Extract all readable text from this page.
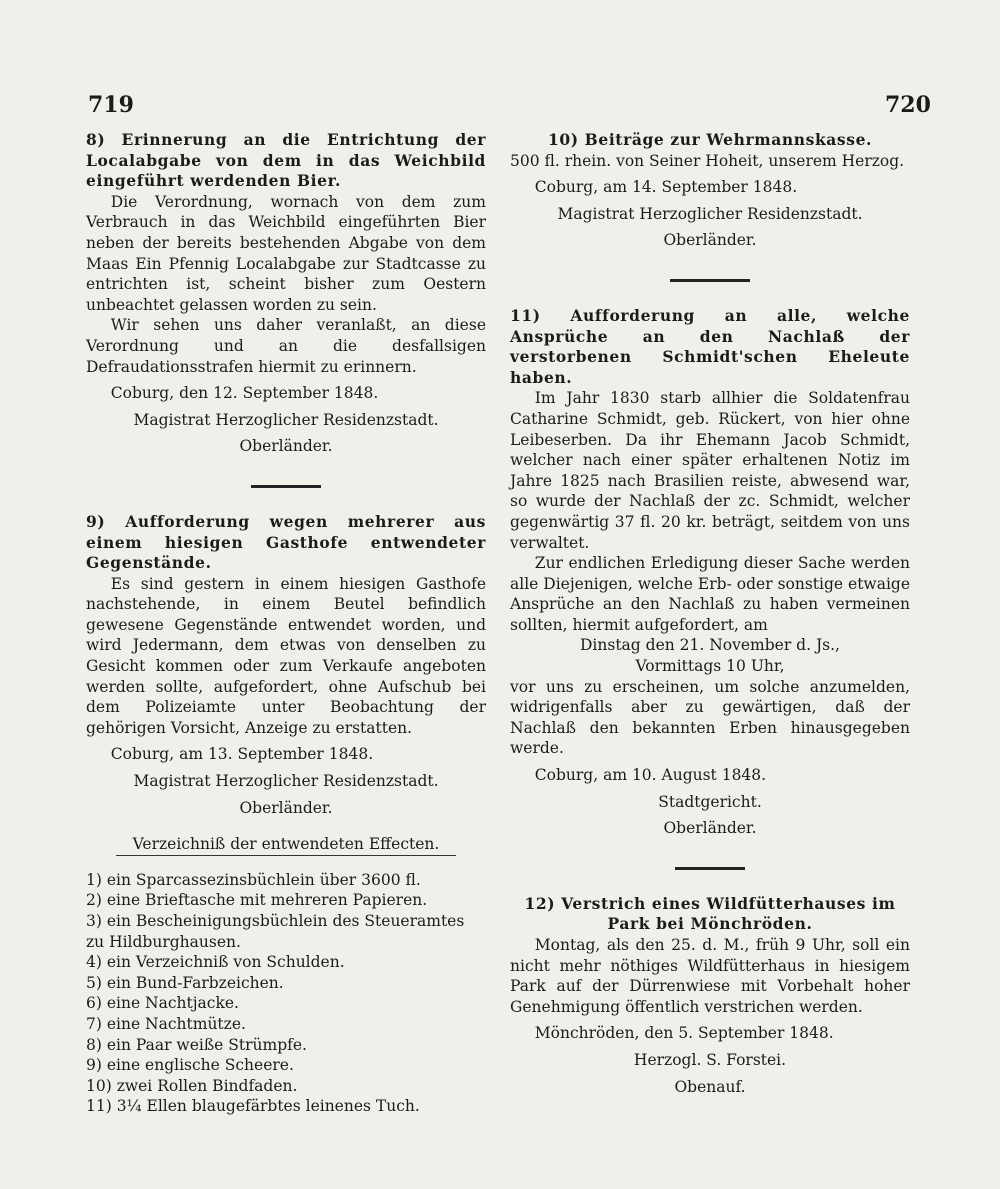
719	720

8) Erinnerung an die Entrichtung der Localabgabe von dem in das Weichbild eingeführt werdenden Bier.

Die Verordnung, wornach von dem zum Verbrauch in das Weichbild eingeführten Bier neben der bereits bestehenden Abgabe von dem Maas Ein Pfennig Localabgabe zur Stadtcasse zu entrichten ist, scheint bisher zum Oestern unbeachtet gelassen worden zu sein.

Wir sehen uns daher veranlaßt, an diese Verordnung und an die desfallsigen Defraudationsstrafen hiermit zu erinnern.

Coburg, den 12. September 1848.

Magistrat Herzoglicher Residenzstadt.

Oberländer.

9) Aufforderung wegen mehrerer aus einem hiesigen Gasthofe entwendeter Gegenstände.

Es sind gestern in einem hiesigen Gasthofe nachstehende, in einem Beutel befindlich gewesene Gegenstände entwendet worden, und wird Jedermann, dem etwas von denselben zu Gesicht kommen oder zum Verkaufe angeboten werden sollte, aufgefordert, ohne Aufschub bei dem Polizeiamte unter Beobachtung der gehörigen Vorsicht, Anzeige zu erstatten.

Coburg, am 13. September 1848.

Magistrat Herzoglicher Residenzstadt.

Oberländer.

Verzeichniß der entwendeten Effecten.

1) ein Sparcassezinsbüchlein über 3600 fl.
2) eine Brieftasche mit mehreren Papieren.
3) ein Bescheinigungsbüchlein des Steueramtes zu Hildburghausen.
4) ein Verzeichniß von Schulden.
5) ein Bund-Farbzeichen.
6) eine Nachtjacke.
7) eine Nachtmütze.
8) ein Paar weiße Strümpfe.
9) eine englische Scheere.
10) zwei Rollen Bindfaden.
11) 3¼ Ellen blaugefärbtes leinenes Tuch.

10) Beiträge zur Wehrmannskasse.

500 fl. rhein. von Seiner Hoheit, unserem Herzog.

Coburg, am 14. September 1848.

Magistrat Herzoglicher Residenzstadt.

Oberländer.

11) Aufforderung an alle, welche Ansprüche an den Nachlaß der verstorbenen Schmidt'schen Eheleute haben.

Im Jahr 1830 starb allhier die Soldatenfrau Catharine Schmidt, geb. Rückert, von hier ohne Leibeserben. Da ihr Ehemann Jacob Schmidt, welcher nach einer später erhaltenen Notiz im Jahre 1825 nach Brasilien reiste, abwesend war, so wurde der Nachlaß der zc. Schmidt, welcher gegenwärtig 37 fl. 20 kr. beträgt, seitdem von uns verwaltet.

Zur endlichen Erledigung dieser Sache werden alle Diejenigen, welche Erb- oder sonstige etwaige Ansprüche an den Nachlaß zu haben vermeinen sollten, hiermit aufgefordert, am

Dinstag den 21. November d. Js.,

Vormittags 10 Uhr,

vor uns zu erscheinen, um solche anzumelden, widrigenfalls aber zu gewärtigen, daß der Nachlaß den bekannten Erben hinausgegeben werde.

Coburg, am 10. August 1848.

Stadtgericht.

Oberländer.

12) Verstrich eines Wildfütterhauses im Park bei Mönchröden.

Montag, als den 25. d. M., früh 9 Uhr, soll ein nicht mehr nöthiges Wildfütterhaus in hiesigem Park auf der Dürrenwiese mit Vorbehalt hoher Genehmigung öffentlich verstrichen werden.

Mönchröden, den 5. September 1848.

Herzogl. S. Forstei.

Obenauf.
